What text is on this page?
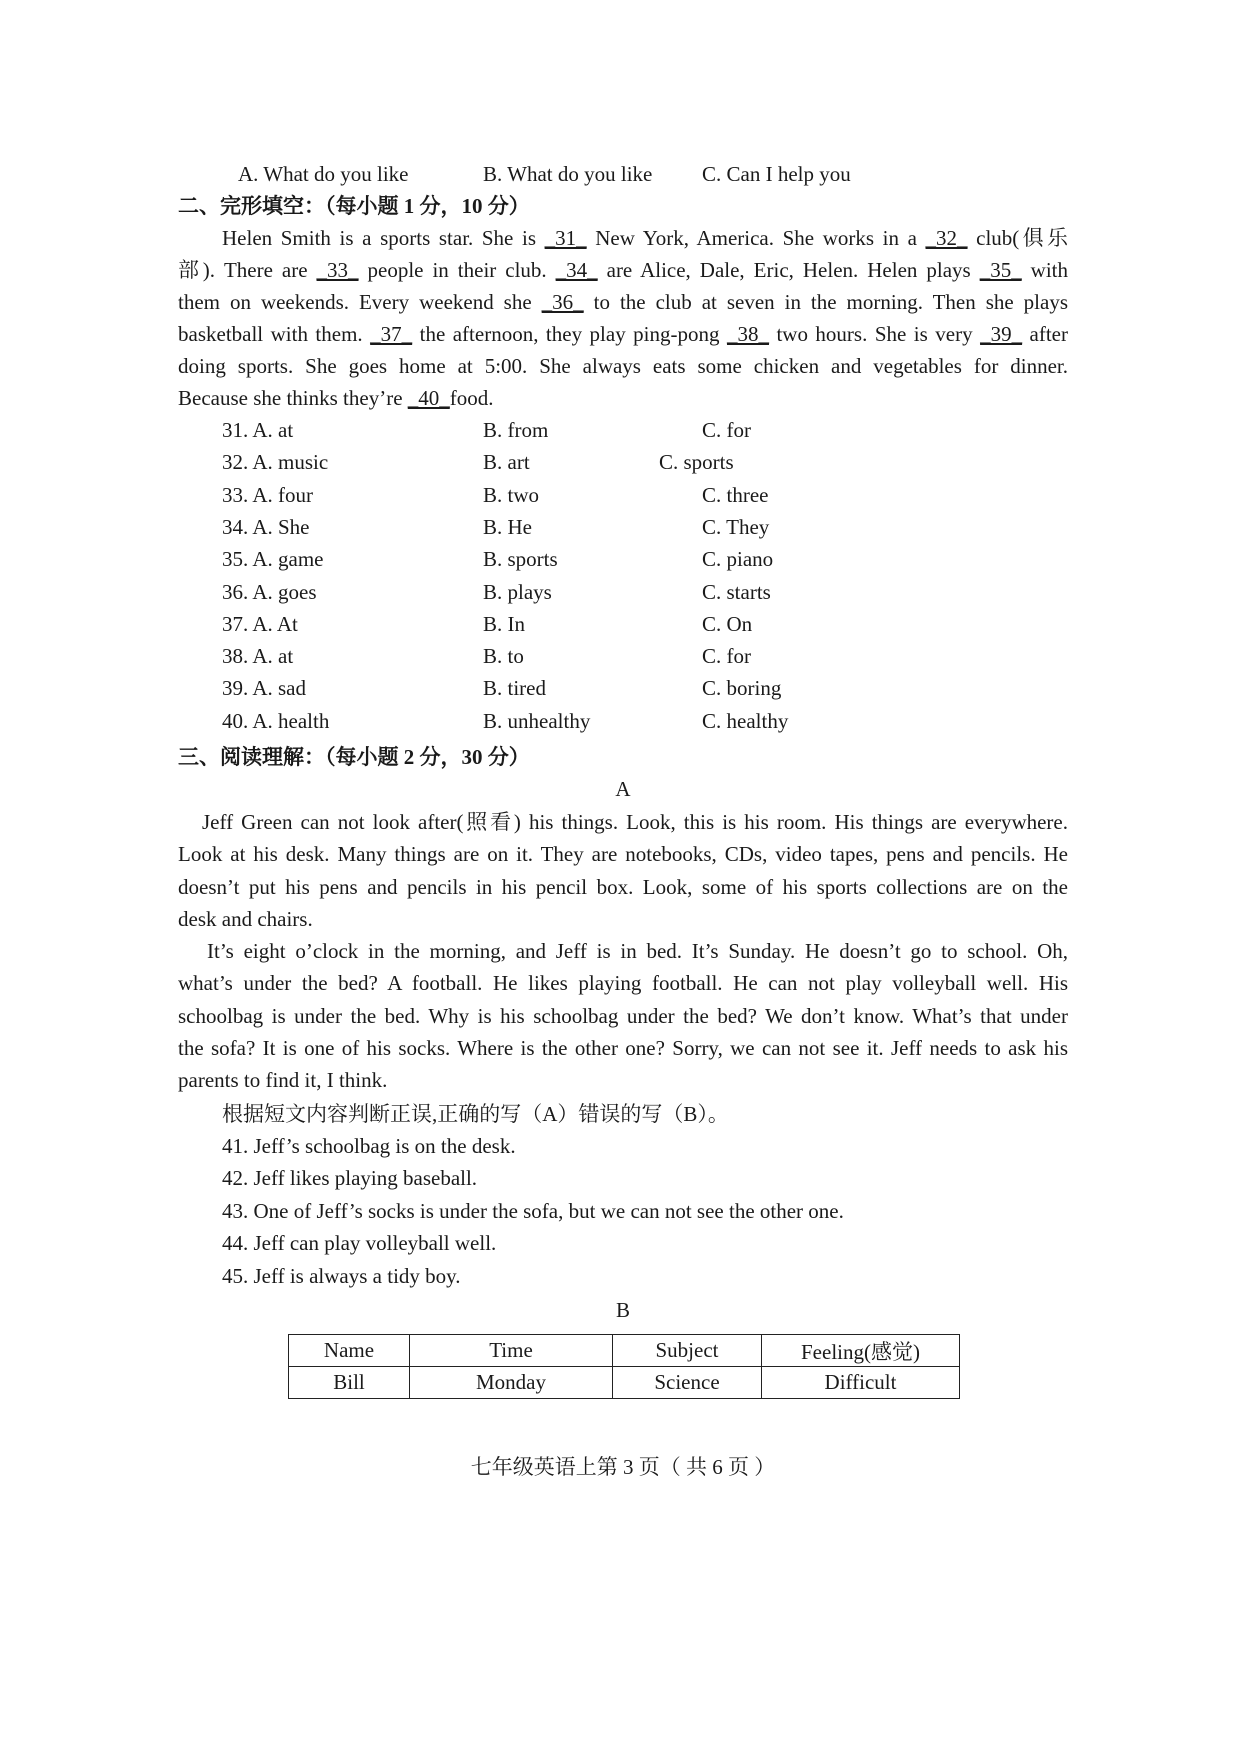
A. What do you like	B. What do you like C. Can I help you
二、完形填空：（每小题 1 分，10 分）
Helen Smith is a sports star. She is _31_ New York, America. She works in a _32_ club(俱乐
部). There are _33_ people in their club. _34_ are Alice, Dale, Eric, Helen. Helen plays _35_ with
them on weekends. Every weekend she _36_ to the club at seven in the morning. Then she plays
basketball with them. _37_ the afternoon, they play ping-pong _38_ two hours. She is very _39_ after
doing sports. She goes home at 5:00. She always eats some chicken and vegetables for dinner.
Because she thinks they’re _40_food.
31. A. at	B. from	C. for
32. A. music	B. art	C. sports
33. A. four	B. two	C. three
34. A. She	B. He	C. They
35. A. game	B. sports	C. piano
36. A. goes	B. plays	C. starts
37. A. At	B. In	C. On
38. A. at	B. to	C. for
39. A. sad	B. tired	C. boring
40. A. health	B. unhealthy	C. healthy
三、阅读理解：（每小题 2 分，30 分）
A
Jeff Green can not look after(照看) his things. Look, this is his room. His things are everywhere.
Look at his desk. Many things are on it. They are notebooks, CDs, video tapes, pens and pencils. He
doesn’t put his pens and pencils in his pencil box. Look, some of his sports collections are on the
desk and chairs.
It’s eight o’clock in the morning, and Jeff is in bed. It’s Sunday. He doesn’t go to school. Oh,
what’s under the bed? A football. He likes playing football. He can not play volleyball well. His
schoolbag is under the bed. Why is his schoolbag under the bed? We don’t know. What’s that under
the sofa? It is one of his socks. Where is the other one? Sorry, we can not see it. Jeff needs to ask his
parents to find it, I think.
根据短文内容判断正误,正确的写（A）错误的写（B）。
41. Jeff’s schoolbag is on the desk.
42. Jeff likes playing baseball.
43. One of Jeff’s socks is under the sofa, but we can not see the other one.
44. Jeff can play volleyball well.
45. Jeff is always a tidy boy.
B
Name	Time	Subject	Feeling(感觉)
Bill	Monday	Science	Difficult
七年级英语上第 3 页（ 共 6 页 ）
